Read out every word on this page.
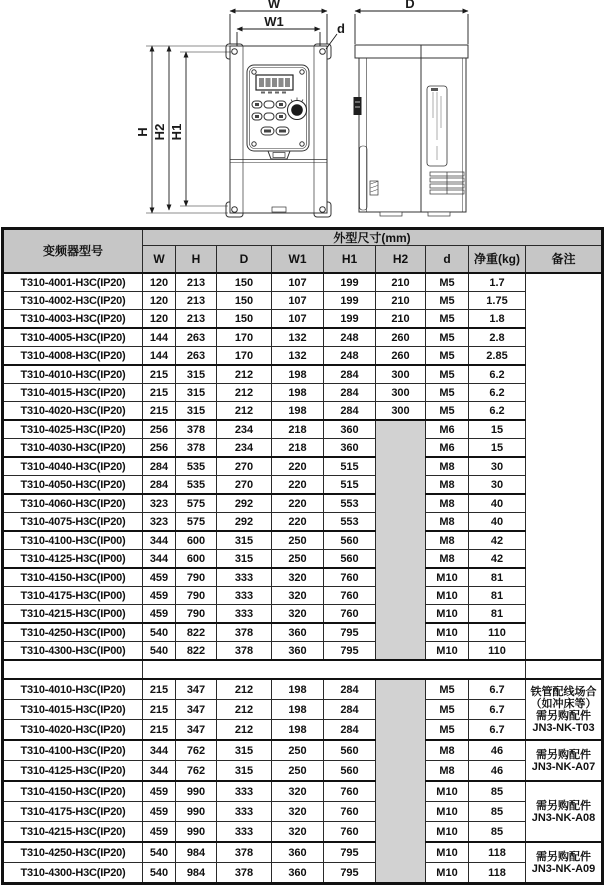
W
W1	d
H H2 H1
D
变频器型号	外型尺寸(mm)								
	W	H	D	W1	H1	H2	d	净重(kg)	备注
T310-4001-H3C(IP20)	120	213	150	107	199	210	M5	1.7	
T310-4002-H3C(IP20)	120	213	150	107	199	210	M5	1.75	
T310-4003-H3C(IP20)	120	213	150	107	199	210	M5	1.8	
T310-4005-H3C(IP20)	144	263	170	132	248	260	M5	2.8	
T310-4008-H3C(IP20)	144	263	170	132	248	260	M5	2.85	
T310-4010-H3C(IP20)	215	315	212	198	284	300	M5	6.2	
T310-4015-H3C(IP20)	215	315	212	198	284	300	M5	6.2	
T310-4020-H3C(IP20)	215	315	212	198	284	300	M5	6.2	
T310-4025-H3C(IP20)	256	378	234	218	360		M6	15	
T310-4030-H3C(IP20)	256	378	234	218	360		M6	15	
T310-4040-H3C(IP20)	284	535	270	220	515		M8	30	
T310-4050-H3C(IP20)	284	535	270	220	515		M8	30	
T310-4060-H3C(IP20)	323	575	292	220	553		M8	40	
T310-4075-H3C(IP20)	323	575	292	220	553		M8	40	
T310-4100-H3C(IP00)	344	600	315	250	560		M8	42	
T310-4125-H3C(IP00)	344	600	315	250	560		M8	42	
T310-4150-H3C(IP00)	459	790	333	320	760		M10	81	
T310-4175-H3C(IP00)	459	790	333	320	760		M10	81	
T310-4215-H3C(IP00)	459	790	333	320	760		M10	81	
T310-4250-H3C(IP00)	540	822	378	360	795		M10	110	
T310-4300-H3C(IP00)	540	822	378	360	795		M10	110	

T310-4010-H3C(IP20)	215	347	212	198	284		M5	6.7	铁管配线场合
（如冲床等）
需另购配件
JN3-NK-T03

T310-4015-H3C(IP20)	215	347	212	198	284		M5	6.7	
T310-4020-H3C(IP20)	215	347	212	198	284		M5	6.7	
T310-4100-H3C(IP20)	344	762	315	250	560		M8	46	需另购配件
JN3-NK-A07

T310-4125-H3C(IP20)	344	762	315	250	560		M8	46	
T310-4150-H3C(IP20)	459	990	333	320	760		M10	85	需另购配件
JN3-NK-A08

T310-4175-H3C(IP20)	459	990	333	320	760		M10	85	
T310-4215-H3C(IP20)	459	990	333	320	760		M10	85	
T310-4250-H3C(IP20)	540	984	378	360	795		M10	118	需另购配件
JN3-NK-A09

T310-4300-H3C(IP20)	540	984	378	360	795		M10	118	
